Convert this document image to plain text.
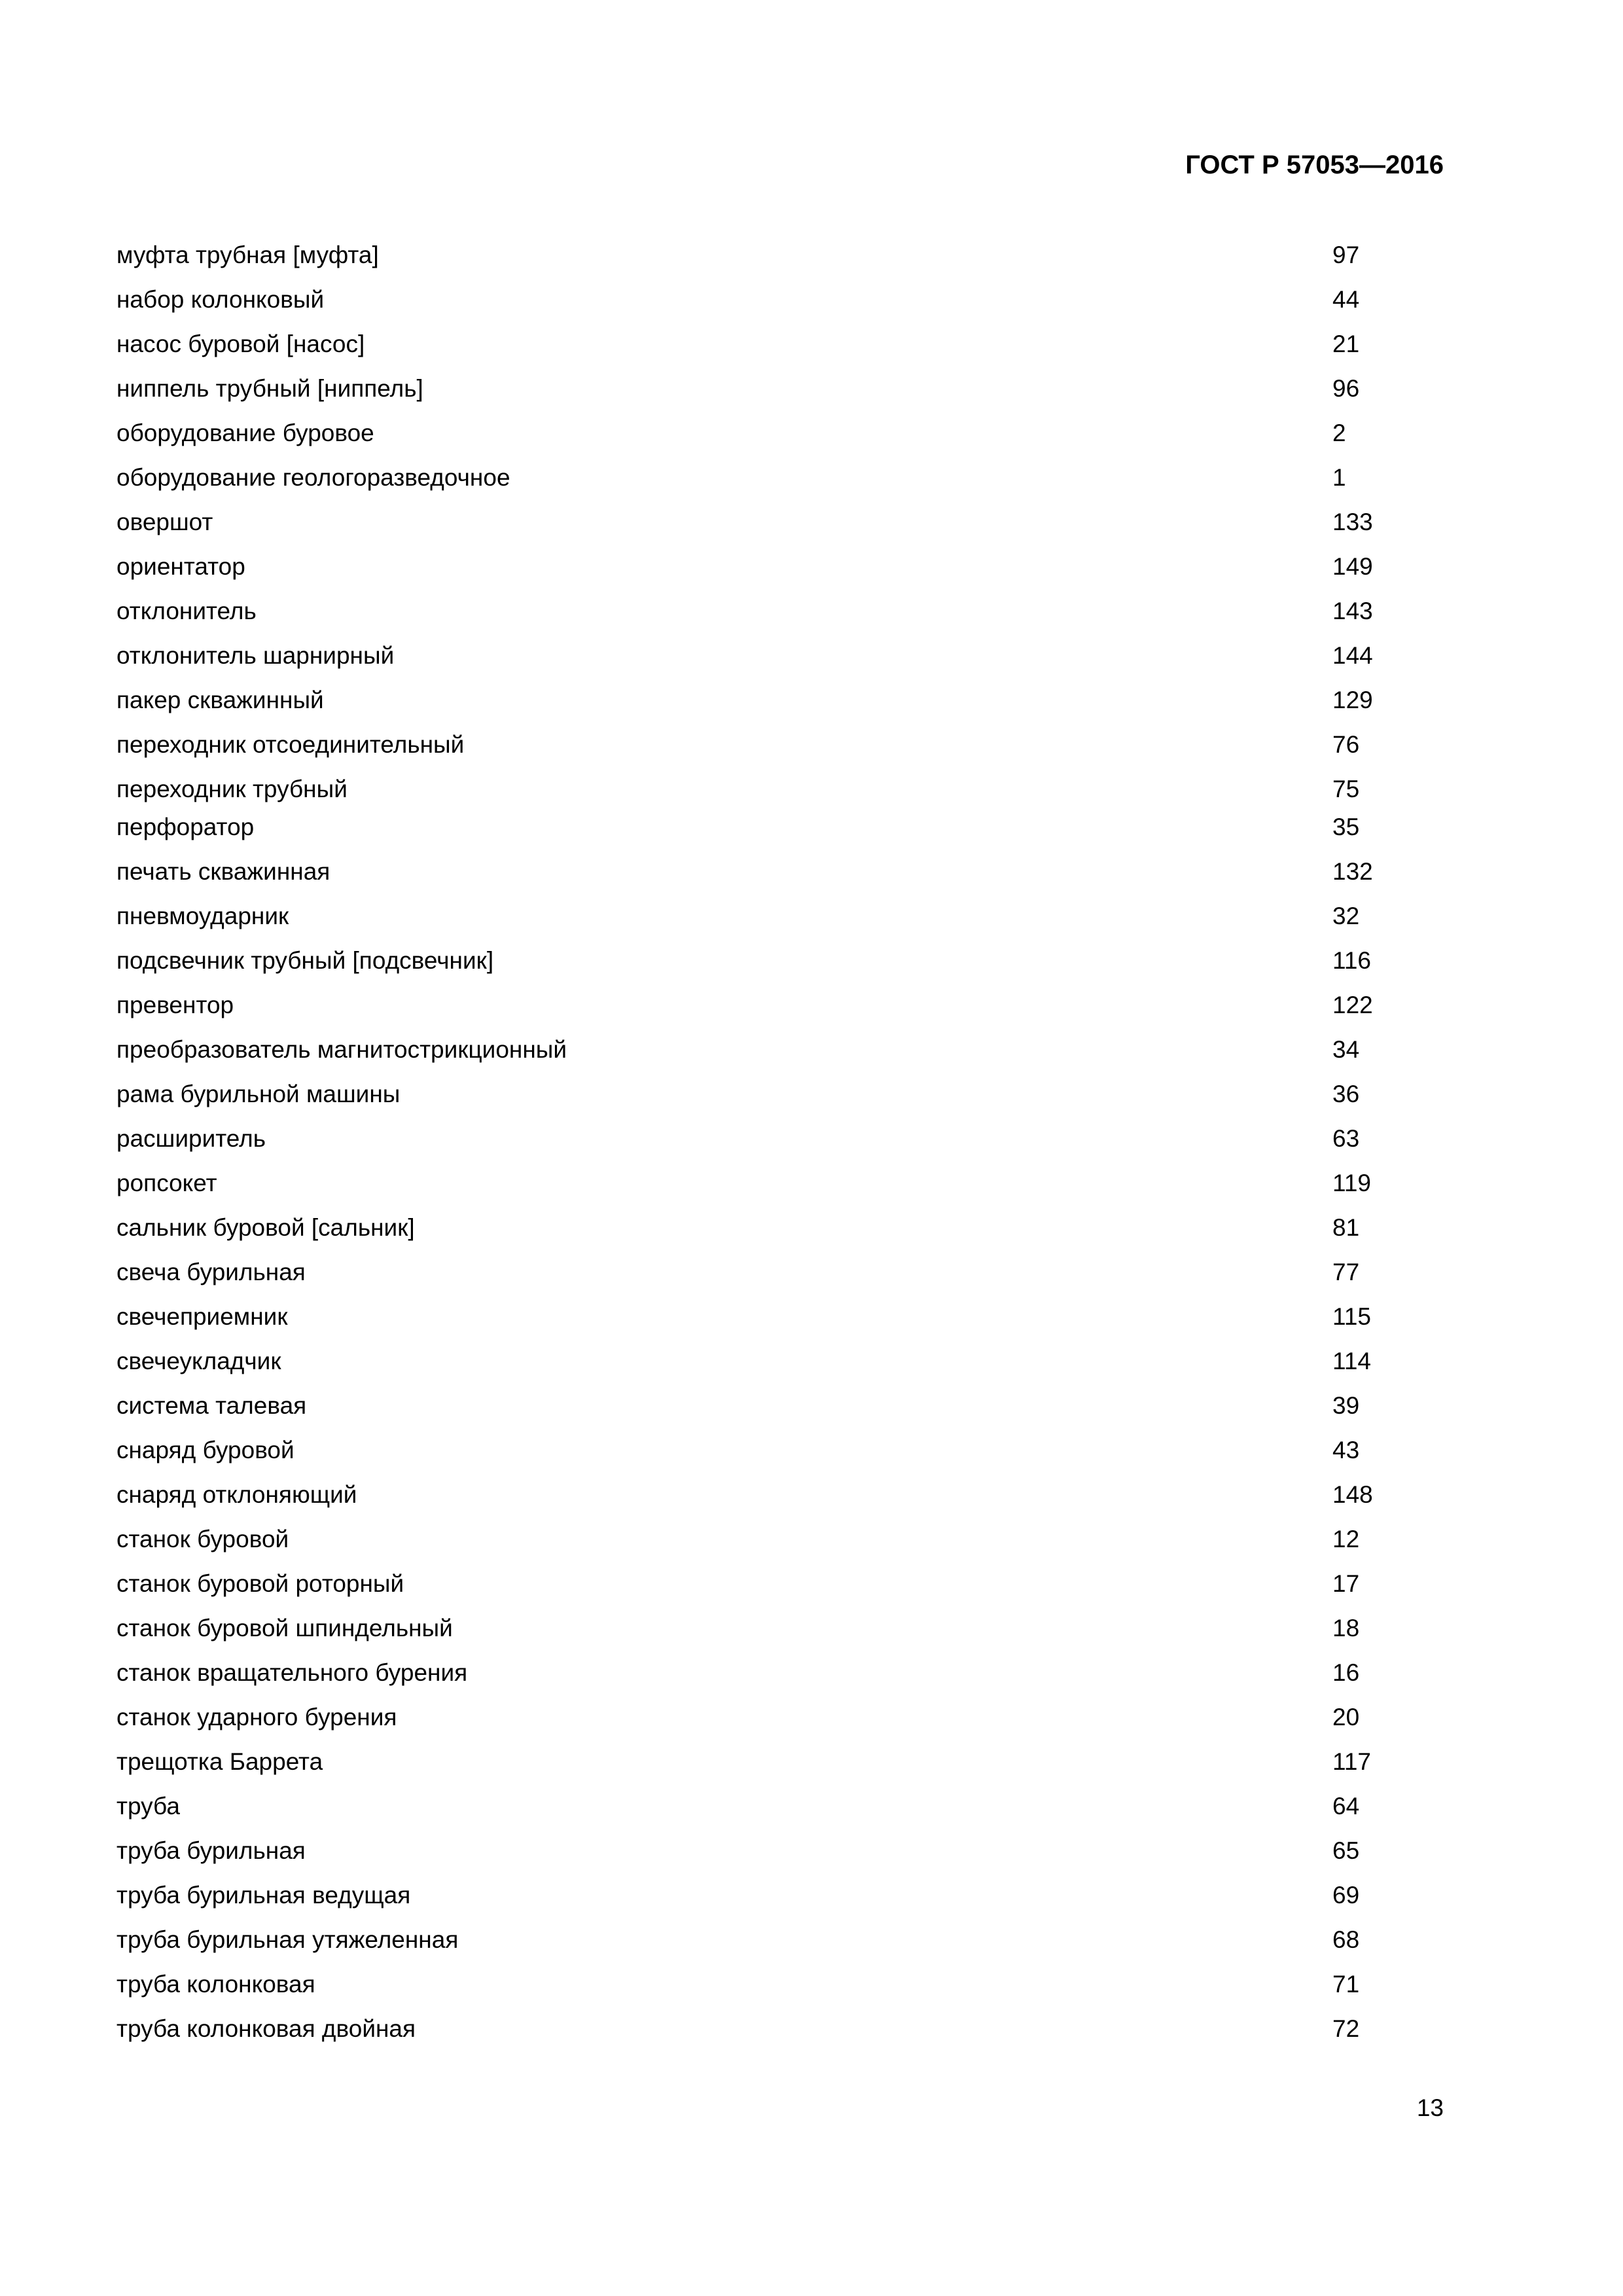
ГОСТ Р 57053—2016
муфта трубная [муфта]	97
набор колонковый	44
насос буровой [насос]	21
ниппель трубный [ниппель]	96
оборудование буровое	2
оборудование геологоразведочное	1
овершот	133
ориентатор	149
отклонитель	143
отклонитель шарнирный	144
пакер скважинный	129
переходник отсоединительный	76
переходник трубный	75
перфоратор	35
печать скважинная	132
пневмоударник	32
подсвечник трубный [подсвечник]	116
превентор	122
преобразователь магнитострикционный	34
рама бурильной машины	36
расширитель	63
ропсокет	119
сальник буровой [сальник]	81
свеча бурильная	77
свечеприемник	115
свечеукладчик	114
система талевая	39
снаряд буровой	43
снаряд отклоняющий	148
станок буровой	12
станок буровой роторный	17
станок буровой шпиндельный	18
станок вращательного бурения	16
станок ударного бурения	20
трещотка Баррета	117
труба	64
труба бурильная	65
труба бурильная ведущая	69
труба бурильная утяжеленная	68
труба колонковая	71
труба колонковая двойная	72
13
